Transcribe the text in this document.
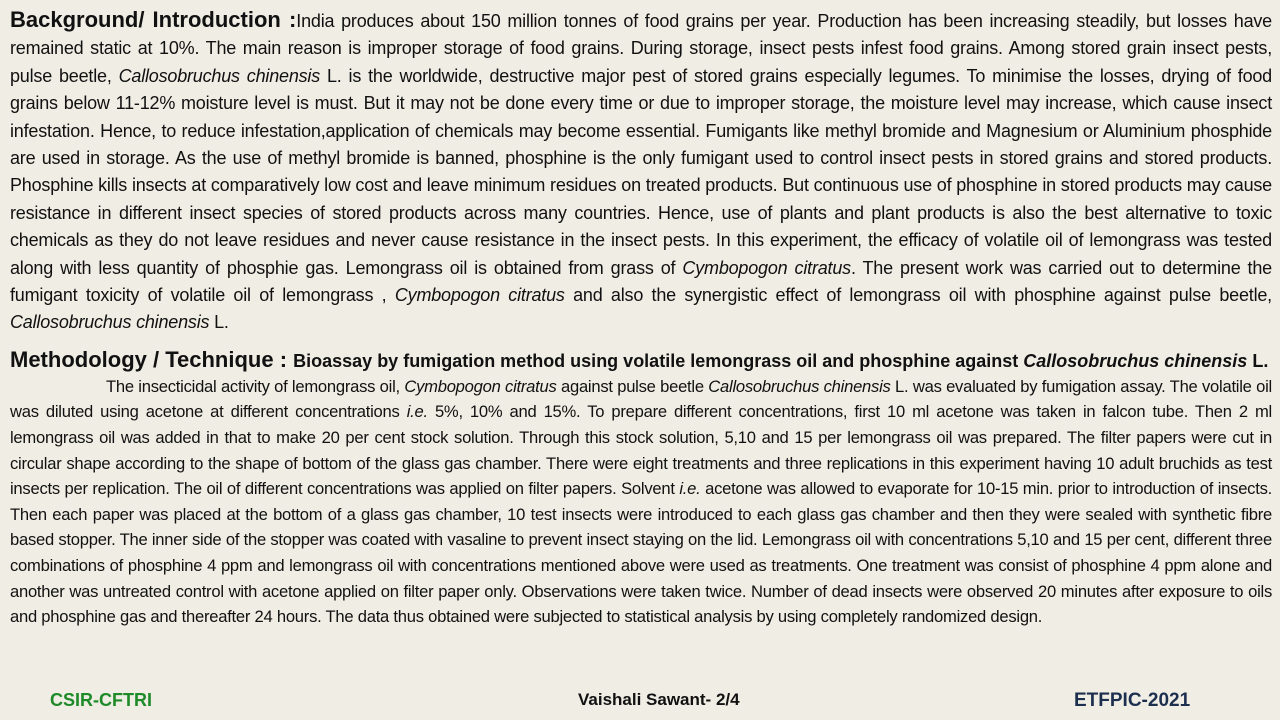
Background/ Introduction :India produces about 150 million tonnes of food grains per year. Production has been increasing steadily, but losses have remained static at 10%. The main reason is improper storage of food grains. During storage, insect pests infest food grains. Among stored grain insect pests, pulse beetle, Callosobruchus chinensis L. is the worldwide, destructive major pest of stored grains especially legumes. To minimise the losses, drying of food grains below 11-12% moisture level is must. But it may not be done every time or due to improper storage, the moisture level may increase, which cause insect infestation. Hence, to reduce infestation,application of chemicals may become essential. Fumigants like methyl bromide and Magnesium or Aluminium phosphide are used in storage. As the use of methyl bromide is banned, phosphine is the only fumigant used to control insect pests in stored grains and stored products. Phosphine kills insects at comparatively low cost and leave minimum residues on treated products. But continuous use of phosphine in stored products may cause resistance in different insect species of stored products across many countries. Hence, use of plants and plant products is also the best alternative to toxic chemicals as they do not leave residues and never cause resistance in the insect pests. In this experiment, the efficacy of volatile oil of lemongrass was tested along with less quantity of phosphie gas. Lemongrass oil is obtained from grass of Cymbopogon citratus. The present work was carried out to determine the fumigant toxicity of volatile oil of lemongrass , Cymbopogon citratus and also the synergistic effect of lemongrass oil with phosphine against pulse beetle, Callosobruchus chinensis L.

Methodology / Technique : Bioassay by fumigation method using volatile lemongrass oil and phosphine against Callosobruchus chinensis L.

The insecticidal activity of lemongrass oil, Cymbopogon citratus against pulse beetle Callosobruchus chinensis L. was evaluated by fumigation assay. The volatile oil was diluted using acetone at different concentrations i.e. 5%, 10% and 15%. To prepare different concentrations, first 10 ml acetone was taken in falcon tube. Then 2 ml lemongrass oil was added in that to make 20 per cent stock solution. Through this stock solution, 5,10 and 15 per lemongrass oil was prepared. The filter papers were cut in circular shape according to the shape of bottom of the glass gas chamber. There were eight treatments and three replications in this experiment having 10 adult bruchids as test insects per replication. The oil of different concentrations was applied on filter papers. Solvent i.e. acetone was allowed to evaporate for 10-15 min. prior to introduction of insects. Then each paper was placed at the bottom of a glass gas chamber, 10 test insects were introduced to each glass gas chamber and then they were sealed with synthetic fibre based stopper. The inner side of the stopper was coated with vasaline to prevent insect staying on the lid. Lemongrass oil with concentrations 5,10 and 15 per cent, different three combinations of phosphine 4 ppm and lemongrass oil with concentrations mentioned above were used as treatments. One treatment was consist of phosphine 4 ppm alone and another was untreated control with acetone applied on filter paper only. Observations were taken twice. Number of dead insects were observed 20 minutes after exposure to oils and phosphine gas and thereafter 24 hours. The data thus obtained were subjected to statistical analysis by using completely randomized design.

CSIR-CFTRI	Vaishali Sawant- 2/4	ETFPIC-2021
